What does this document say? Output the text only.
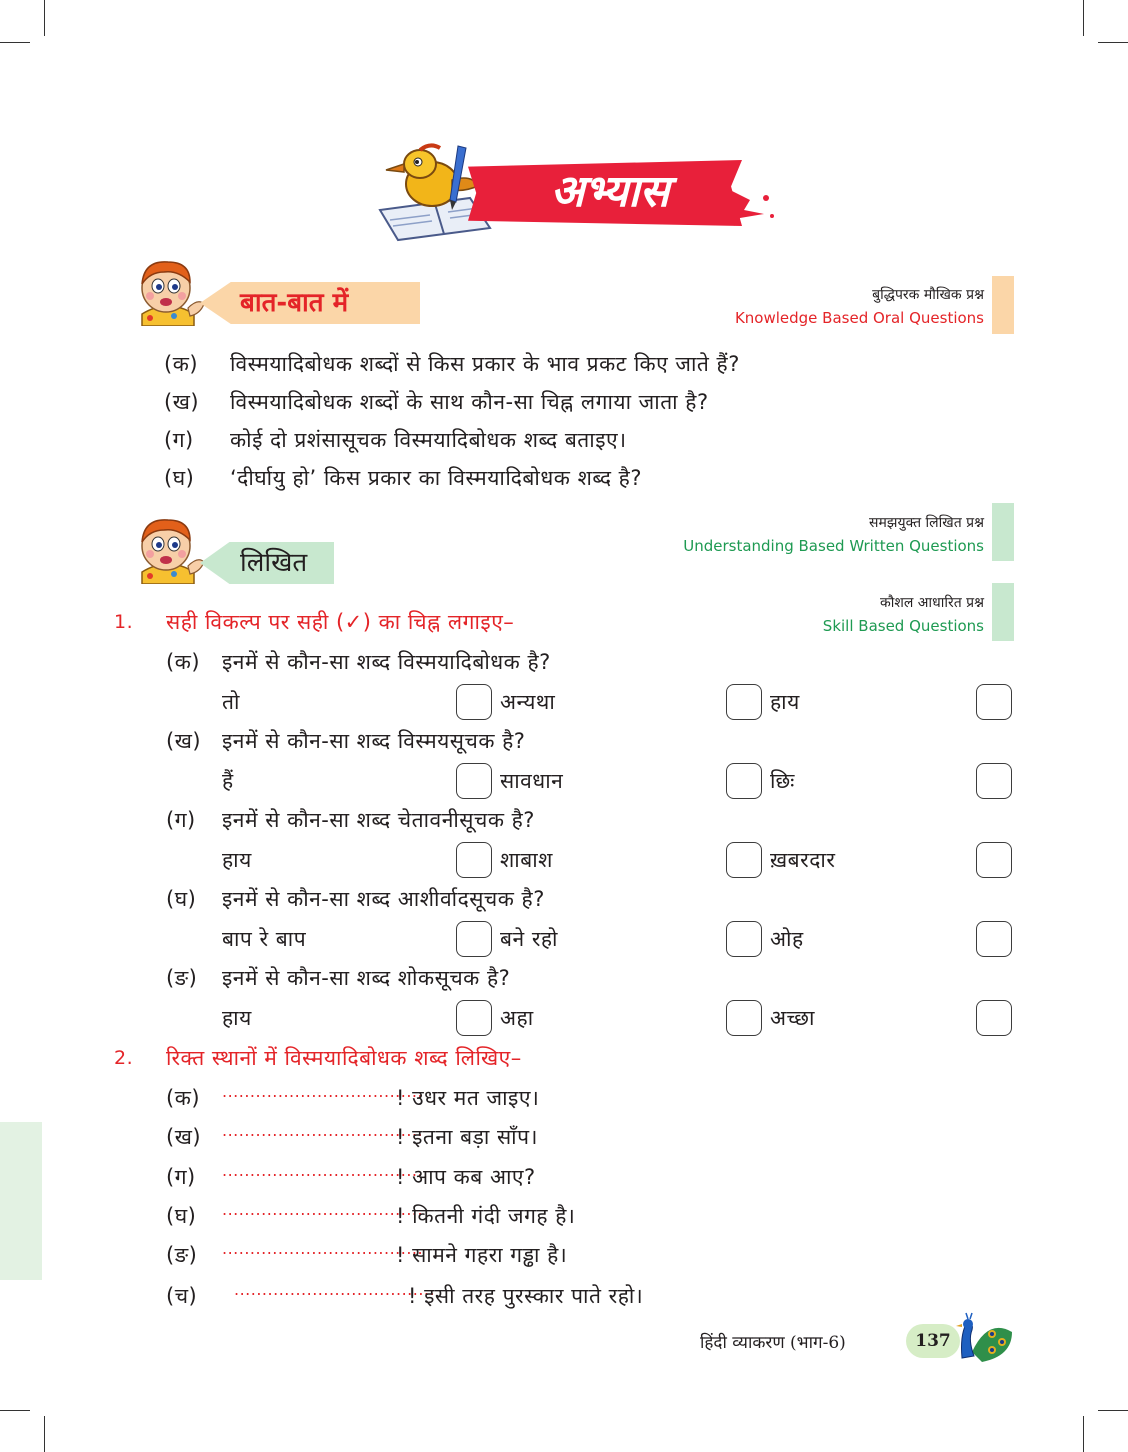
अभ्यास
बात-बात में	बुद्धिपरक मौखिक प्रश्न
Knowledge Based Oral Questions
(क) विस्मयादिबोधक शब्दों से किस प्रकार के भाव प्रकट किए जाते हैं?
(ख) विस्मयादिबोधक शब्दों के साथ कौन-सा चिह्न लगाया जाता है?
(ग) कोई दो प्रशंसासूचक विस्मयादिबोधक शब्द बताइए।
(घ) ‘दीर्घायु हो’ किस प्रकार का विस्मयादिबोधक शब्द है?
लिखित
समझयुक्त लिखित प्रश्न
Understanding Based Written Questions
कौशल आधारित प्रश्न
Skill Based Questions
1. सही विकल्प पर सही (✓) का चिह्न लगाइए–
(क) इनमें से कौन-सा शब्द विस्मयादिबोधक है?
तो	अन्यथा	हाय
(ख) इनमें से कौन-सा शब्द विस्मयसूचक है?
हैं	सावधान	छिः
(ग) इनमें से कौन-सा शब्द चेतावनीसूचक है?
हाय	शाबाश	ख़बरदार
(घ) इनमें से कौन-सा शब्द आशीर्वादसूचक है?
बाप रे बाप	बने रहो	ओह
(ङ) इनमें से कौन-सा शब्द शोकसूचक है?
हाय	अहा	अच्छा
2. रिक्त स्थानों में विस्मयादिबोधक शब्द लिखिए–
(क) ....................................
! उधर मत जाइए।
(ख) ....................................
! इतना बड़ा साँप।
(ग) ....................................
! आप कब आए?
(घ) ....................................
! कितनी गंदी जगह है।
(ङ) ....................................
! सामने गहरा गड्ढा है।
(च) ....................................
! इसी तरह पुरस्कार पाते रहो।
हिंदी व्याकरण (भाग-6)	137
